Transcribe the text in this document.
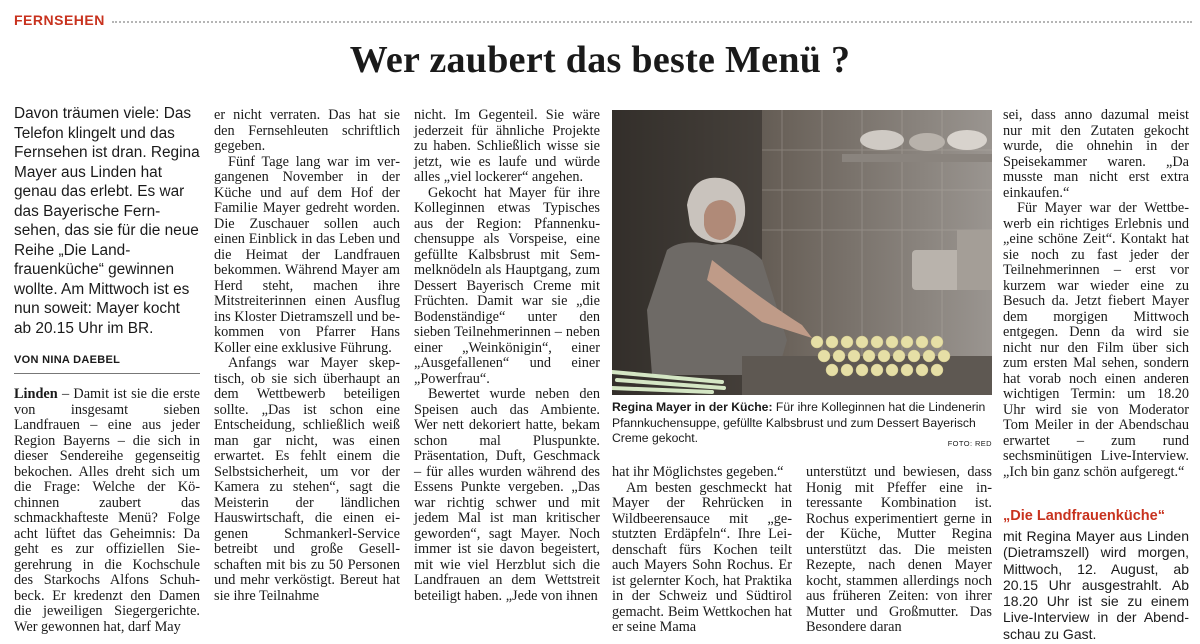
FERNSEHEN
Wer zaubert das beste Menü ?
Davon träumen viele: Das Telefon klingelt und das Fernsehen ist dran. Regina Mayer aus Linden hat genau das erlebt. Es war das Bayerische Fernsehen, das sie für die neue Reihe „Die Landfrauenküche“ gewinnen wollte. Am Mittwoch ist es nun soweit: Mayer kocht ab 20.15 Uhr im BR.
VON NINA DAEBEL

Linden – Damit ist sie die erste von insgesamt sieben Landfrauen – eine aus jeder Region Bayerns – die sich in dieser Sendereihe gegenseitig bekochen. Alles dreht sich um die Frage: Welche der Köchinnen zaubert das schmackhafteste Menü? Folge acht lüftet das Geheimnis: Da geht es zur offiziellen Siegerehrung in die Kochschule des Starkochs Alfons Schuhbeck. Er kredenzt den Damen die jeweiligen Siegergerichte. Wer gewonnen hat, darf May

er nicht verraten. Das hat sie den Fernsehleuten schriftlich gegeben.

Fünf Tage lang war im vergangenen November in der Küche und auf dem Hof der Familie Mayer gedreht worden. Die Zuschauer sollen auch einen Einblick in das Leben und die Heimat der Landfrauen bekommen. Während Mayer am Herd steht, machen ihre Mitstreiterinnen einen Ausflug ins Kloster Dietramszell und bekommen von Pfarrer Hans Koller eine exklusive Führung.

Anfangs war Mayer skeptisch, ob sie sich überhaupt an dem Wettbewerb beteiligen sollte. „Das ist schon eine Entscheidung, schließlich weiß man gar nicht, was einen erwartet. Es fehlt einem die Selbstsicherheit, um vor der Kamera zu stehen“, sagt die Meisterin der ländlichen Hauswirtschaft, die einen eigenen Schmankerl-Service betreibt und große Gesellschaften mit bis zu 50 Personen und mehr verköstigt. Bereut hat sie ihre Teilnahme

nicht. Im Gegenteil. Sie wäre jederzeit für ähnliche Projekte zu haben. Schließlich wisse sie jetzt, wie es laufe und würde alles „viel lockerer“ angehen.

Gekocht hat Mayer für ihre Kolleginnen etwas Typisches aus der Region: Pfannenkuchensuppe als Vorspeise, eine gefüllte Kalbsbrust mit Semmelknödeln als Hauptgang, zum Dessert Bayerisch Creme mit Früchten. Damit war sie „die Bodenständige“ unter den sieben Teilnehmerinnen – neben einer „Weinkönigin“, einer „Ausgefallenen“ und einer „Powerfrau“.

Bewertet wurde neben den Speisen auch das Ambiente. Wer nett dekoriert hatte, bekam schon mal Pluspunkte. Präsentation, Duft, Geschmack – für alles wurden während des Essens Punkte vergeben. „Das war richtig schwer und mit jedem Mal ist man kritischer geworden“, sagt Mayer. Noch immer ist sie davon begeistert, mit wie viel Herzblut sich die Landfrauen an dem Wettstreit beteiligt haben. „Jede von ihnen

Regina Mayer in der Küche: Für ihre Kolleginnen hat die Lindenerin Pfannkuchensuppe, gefüllte Kalbsbrust und zum Dessert Bayerisch Creme gekocht.	FOTO: RED

hat ihr Möglichstes gegeben.“

Am besten geschmeckt hat Mayer der Rehrücken in Wildbeerensauce mit „gestutzten Erdäpfeln“. Ihre Leidenschaft fürs Kochen teilt auch Mayers Sohn Rochus. Er ist gelernter Koch, hat Praktika in der Schweiz und Südtirol gemacht. Beim Wettkochen hat er seine Mama

unterstützt und bewiesen, dass Honig mit Pfeffer eine interessante Kombination ist. Rochus experimentiert gerne in der Küche, Mutter Regina unterstützt das. Die meisten Rezepte, nach denen Mayer kocht, stammen allerdings noch aus früheren Zeiten: von ihrer Mutter und Großmutter. Das Besondere daran

sei, dass anno dazumal meist nur mit den Zutaten gekocht wurde, die ohnehin in der Speisekammer waren. „Da musste man nicht erst extra einkaufen.“

Für Mayer war der Wettbewerb ein richtiges Erlebnis und „eine schöne Zeit“. Kontakt hat sie noch zu fast jeder der Teilnehmerinnen – erst vor kurzem war wieder eine zu Besuch da. Jetzt fiebert Mayer dem morgigen Mittwoch entgegen. Denn da wird sie nicht nur den Film über sich zum ersten Mal sehen, sondern hat vorab noch einen anderen wichtigen Termin: um 18.20 Uhr wird sie von Moderator Tom Meiler in der Abendschau erwartet – zum rund sechsminütigen Live-Interview. „Ich bin ganz schön aufgeregt.“

„Die Landfrauenküche“
mit Regina Mayer aus Linden (Dietramszell) wird morgen, Mittwoch, 12. August, ab 20.15 Uhr ausgestrahlt. Ab 18.20 Uhr ist sie zu einem Live-Interview in der Abendschau zu Gast.
